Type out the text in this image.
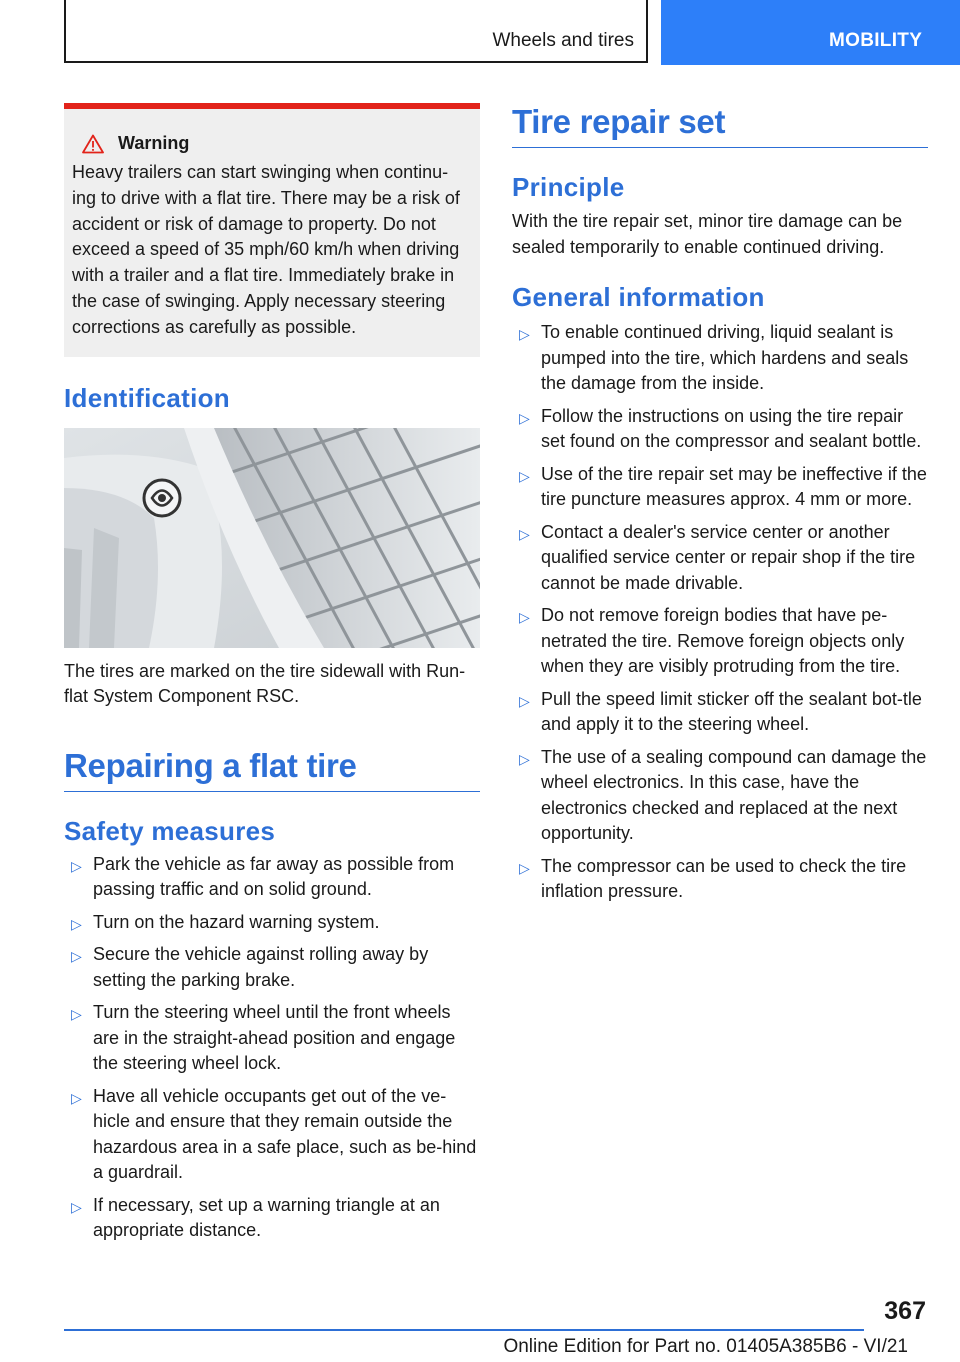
Wheels and tires	MOBILITY
Warning
Heavy trailers can start swinging when continu‐ing to drive with a flat tire. There may be a risk of accident or risk of damage to property. Do not exceed a speed of 35 mph/60 km/h when driving with a trailer and a flat tire. Immediately brake in the case of swinging. Apply necessary steering corrections as carefully as possible.
Identification
The tires are marked on the tire sidewall with Run-flat System Component RSC.
Repairing a flat tire
Safety measures
▷ Park the vehicle as far away as possible from passing traffic and on solid ground.
▷ Turn on the hazard warning system.
▷ Secure the vehicle against rolling away by setting the parking brake.
▷ Turn the steering wheel until the front wheels are in the straight-ahead position and engage the steering wheel lock.
▷ Have all vehicle occupants get out of the ve‐hicle and ensure that they remain outside the hazardous area in a safe place, such as be‐hind a guardrail.
▷ If necessary, set up a warning triangle at an appropriate distance.
Tire repair set
Principle
With the tire repair set, minor tire damage can be sealed temporarily to enable continued driving.
General information
▷ To enable continued driving, liquid sealant is pumped into the tire, which hardens and seals the damage from the inside.
▷ Follow the instructions on using the tire repair set found on the compressor and sealant bottle.
▷ Use of the tire repair set may be ineffective if the tire puncture measures approx. 4 mm or more.
▷ Contact a dealer's service center or another qualified service center or repair shop if the tire cannot be made drivable.
▷ Do not remove foreign bodies that have pe‐netrated the tire. Remove foreign objects only when they are visibly protruding from the tire.
▷ Pull the speed limit sticker off the sealant bot‐tle and apply it to the steering wheel.
▷ The use of a sealing compound can damage the wheel electronics. In this case, have the electronics checked and replaced at the next opportunity.
▷ The compressor can be used to check the tire inflation pressure.
367
Online Edition for Part no. 01405A385B6 - VI/21
